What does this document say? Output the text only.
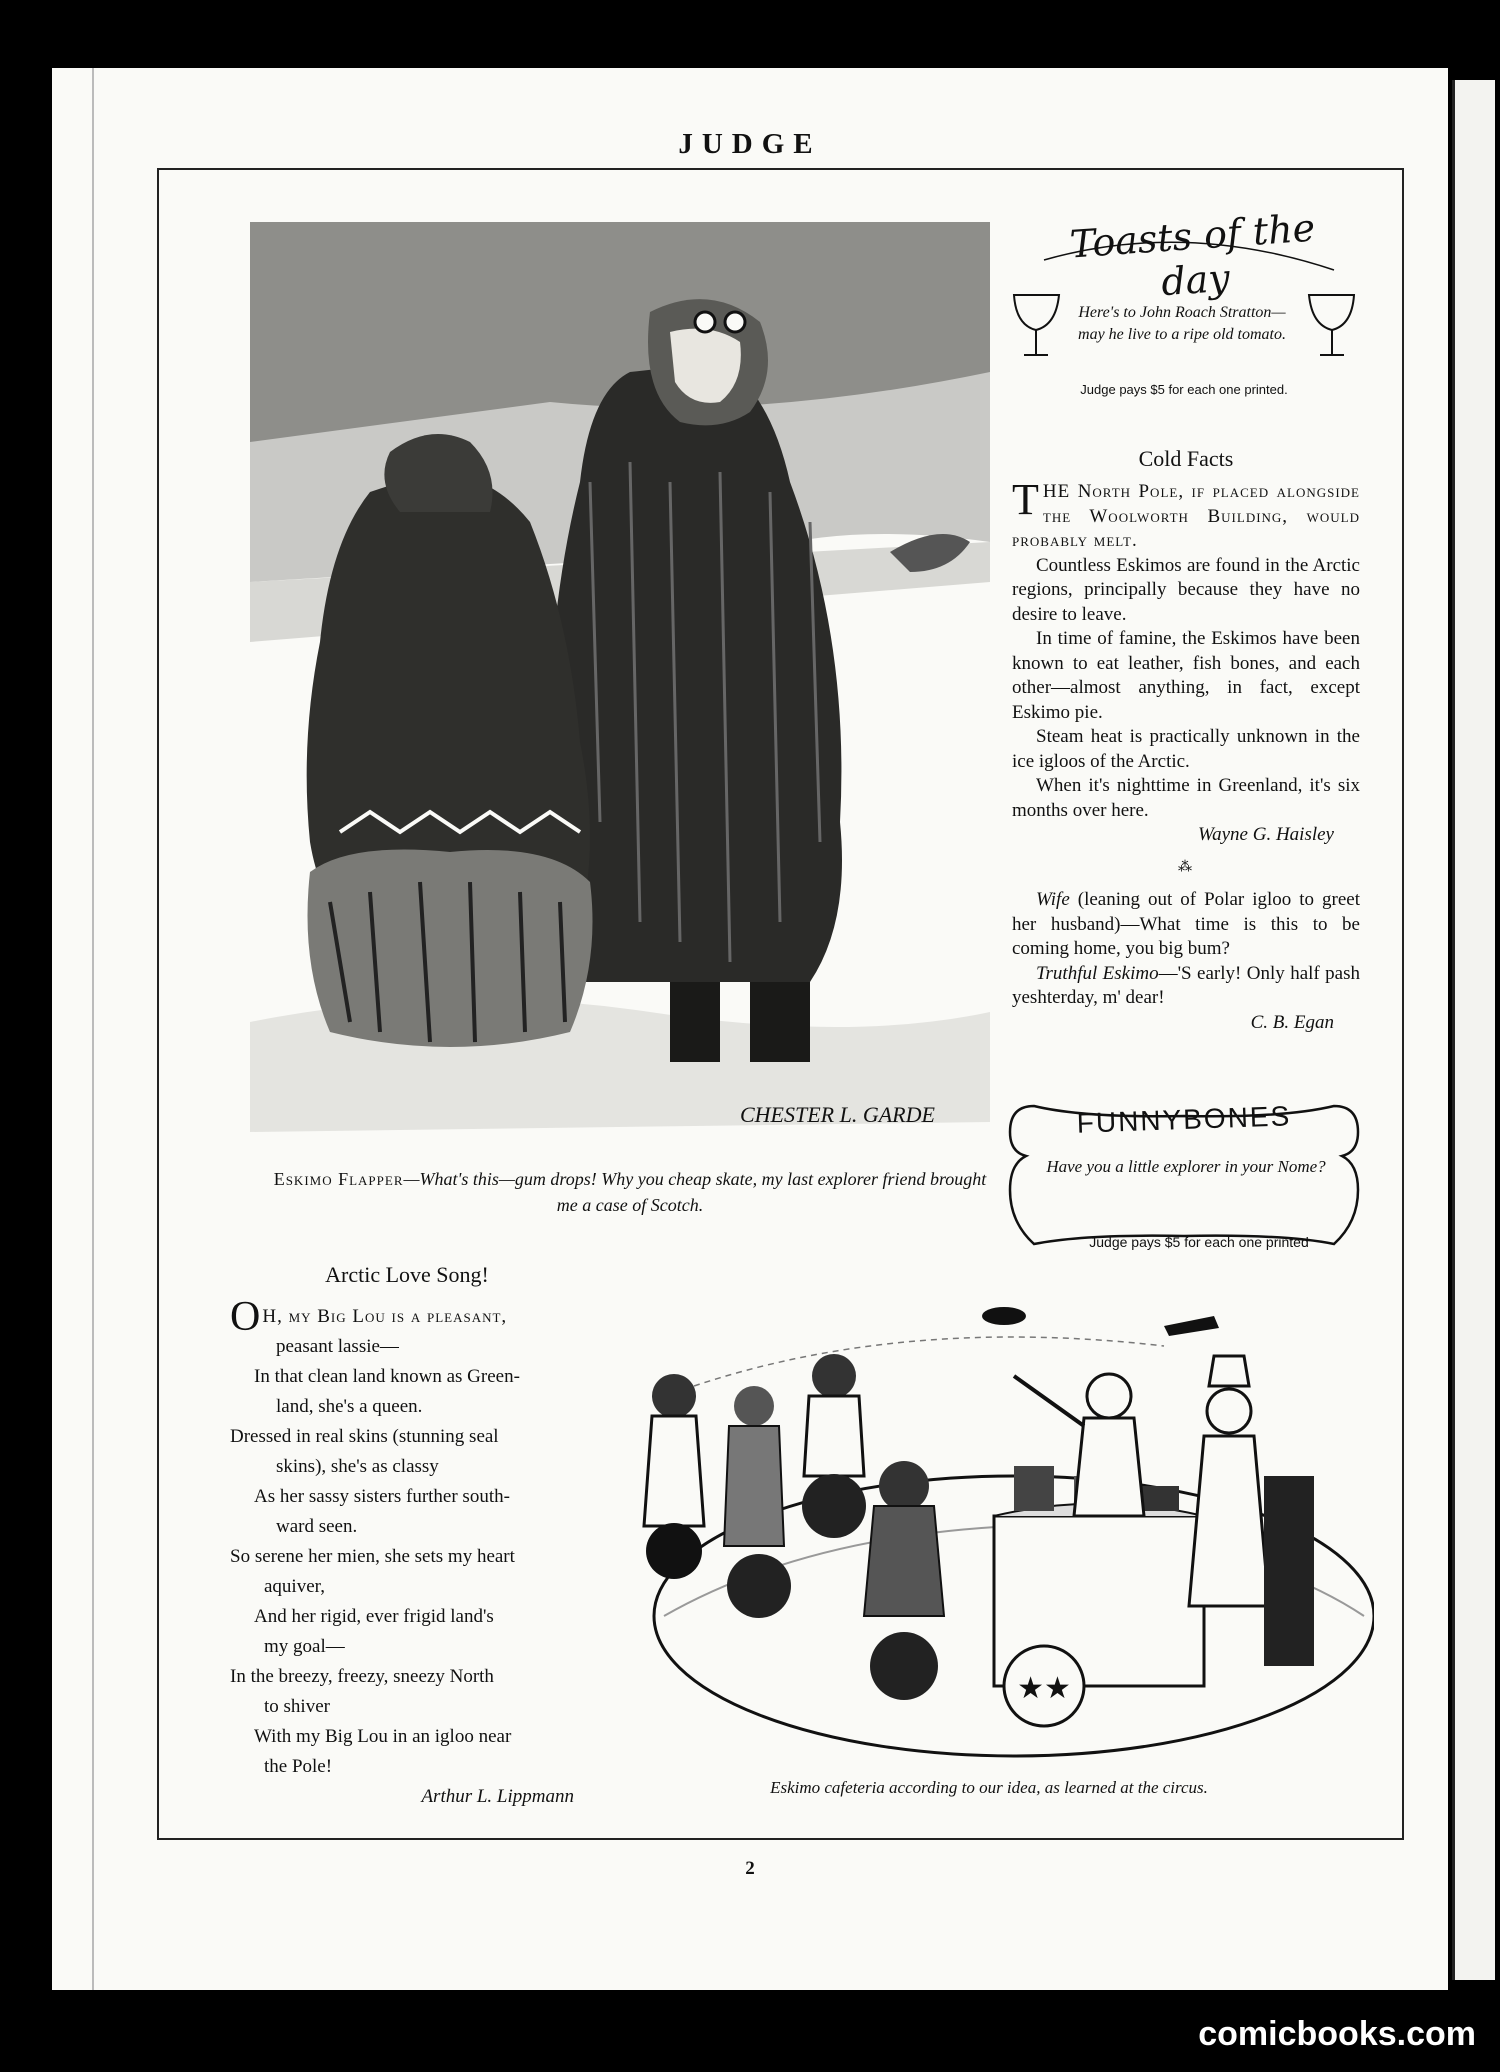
JUDGE
CHESTER L. GARDE
Eskimo Flapper—What's this—gum drops! Why you cheap skate, my last explorer friend brought me a case of Scotch.
Toasts of the day
Here's to John Roach Stratton—may he live to a ripe old tomato.
Judge pays $5 for each one printed.
Cold Facts

THE North Pole, if placed alongside the Woolworth Building, would probably melt.

Countless Eskimos are found in the Arctic regions, principally because they have no desire to leave.

In time of famine, the Eskimos have been known to eat leather, fish bones, and each other—almost anything, in fact, except Eskimo pie.

Steam heat is practically unknown in the ice igloos of the Arctic.

When it's nighttime in Greenland, it's six months over here.

Wayne G. Haisley
⁂

Wife (leaning out of Polar igloo to greet her husband)—What time is this to be coming home, you big bum?

Truthful Eskimo—'S early! Only half pash yeshterday, m' dear!

C. B. Egan
FUNNYBONES
Have you a little explorer in your Nome?
Judge pays $5 for each one printed
Arctic Love Song!
O H, my Big Lou is a pleasant,
peasant lassie—
In that clean land known as Green-
land, she's a queen.
Dressed in real skins (stunning seal
skins), she's as classy
As her sassy sisters further south-
ward seen.
So serene her mien, she sets my heart
aquiver,
And her rigid, ever frigid land's
my goal—
In the breezy, freezy, sneezy North
to shiver
With my Big Lou in an igloo near
the Pole!
Arthur L. Lippmann
★★
Eskimo cafeteria according to our idea, as learned at the circus.
2
comicbooks.com
